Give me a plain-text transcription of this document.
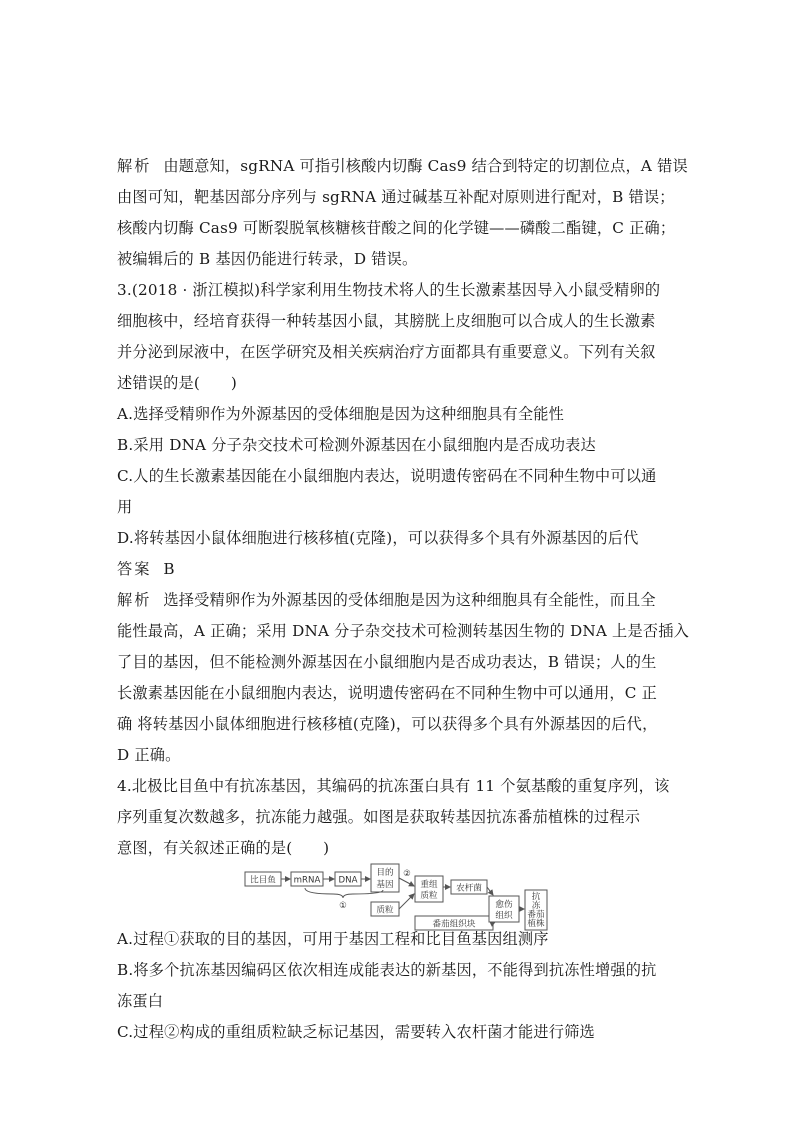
解析 由题意知，sgRNA 可指引核酸内切酶 Cas9 结合到特定的切割位点，A 错误
由图可知，靶基因部分序列与 sgRNA 通过碱基互补配对原则进行配对，B 错误；
核酸内切酶 Cas9 可断裂脱氧核糖核苷酸之间的化学键——磷酸二酯键，C 正确；
被编辑后的 B 基因仍能进行转录，D 错误。
3.(2018 · 浙江模拟)科学家利用生物技术将人的生长激素基因导入小鼠受精卵的
细胞核中，经培育获得一种转基因小鼠，其膀胱上皮细胞可以合成人的生长激素
并分泌到尿液中，在医学研究及相关疾病治疗方面都具有重要意义。下列有关叙
述错误的是(　　)
A.选择受精卵作为外源基因的受体细胞是因为这种细胞具有全能性
B.采用 DNA 分子杂交技术可检测外源基因在小鼠细胞内是否成功表达
C.人的生长激素基因能在小鼠细胞内表达，说明遗传密码在不同种生物中可以通
用
D.将转基因小鼠体细胞进行核移植(克隆)，可以获得多个具有外源基因的后代
答案 B
解析 选择受精卵作为外源基因的受体细胞是因为这种细胞具有全能性，而且全
能性最高，A 正确；采用 DNA 分子杂交技术可检测转基因生物的 DNA 上是否插入
了目的基因，但不能检测外源基因在小鼠细胞内是否成功表达，B 错误；人的生
长激素基因能在小鼠细胞内表达，说明遗传密码在不同种生物中可以通用，C 正
确 将转基因小鼠体细胞进行核移植(克隆)，可以获得多个具有外源基因的后代，
D 正确。
4.北极比目鱼中有抗冻基因，其编码的抗冻蛋白具有 11 个氨基酸的重复序列，该
序列重复次数越多，抗冻能力越强。如图是获取转基因抗冻番茄植株的过程示
意图，有关叙述正确的是(　　)
A.过程①获取的目的基因，可用于基因工程和比目鱼基因组测序
B.将多个抗冻基因编码区依次相连成能表达的新基因，不能得到抗冻性增强的抗
冻蛋白
C.过程②构成的重组质粒缺乏标记基因，需要转入农杆菌才能进行筛选
比目鱼 mRNA DNA
目的
基因
①
②
重组
质粒
农杆菌
质粒
番茄组织块
愈伤
组织
抗
冻
番茄
植株
